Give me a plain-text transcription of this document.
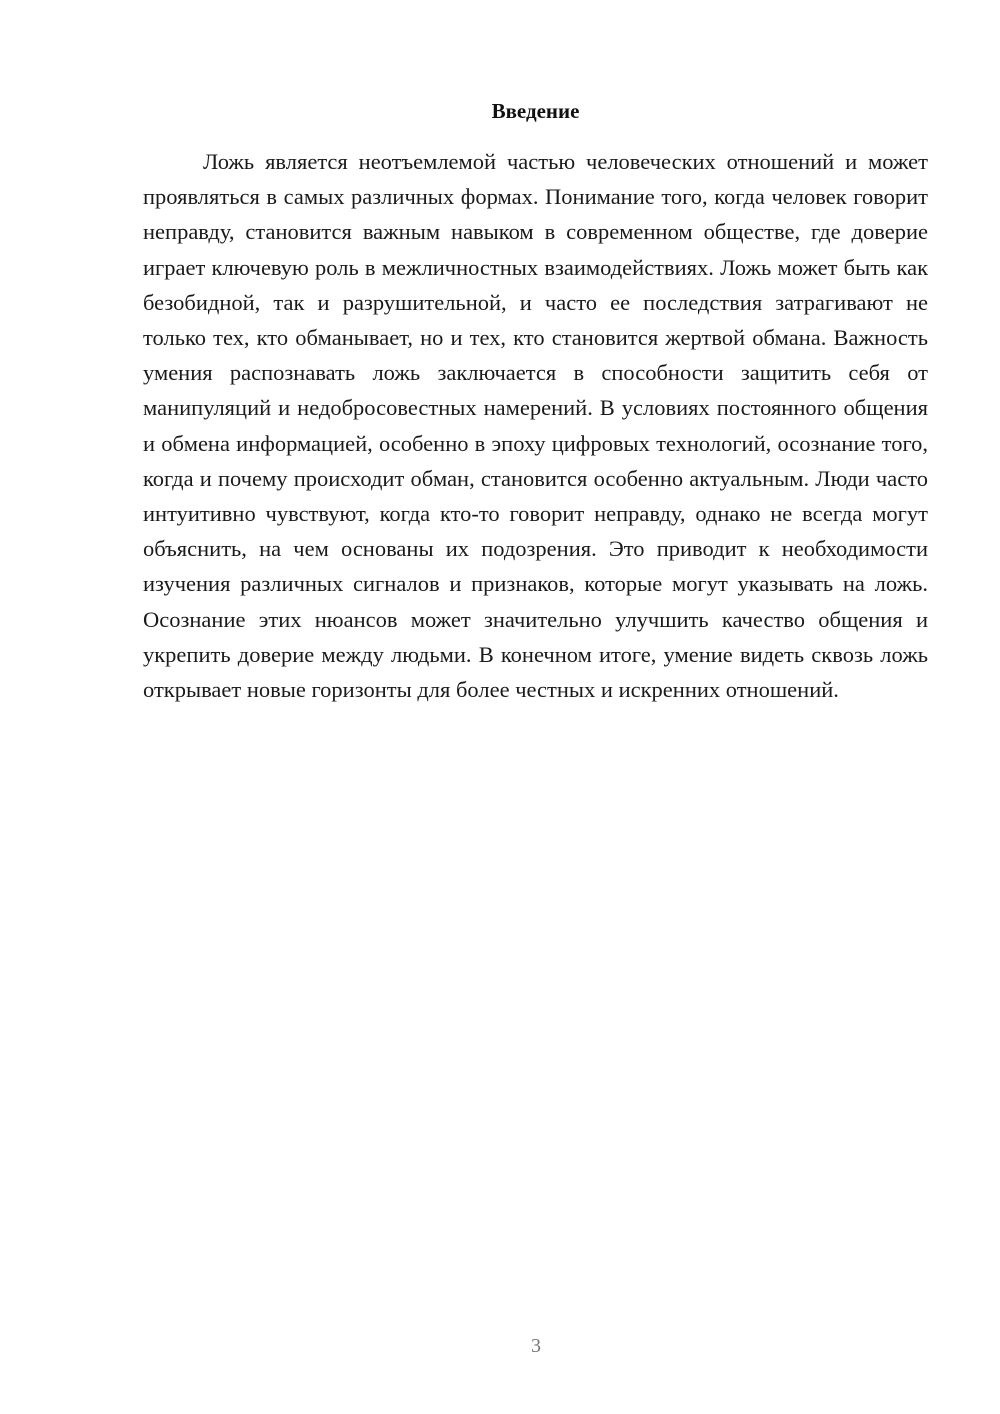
Введение

Ложь является неотъемлемой частью человеческих отношений и может проявляться в самых различных формах. Понимание того, когда человек говорит неправду, становится важным навыком в современном обществе, где доверие играет ключевую роль в межличностных взаимодействиях. Ложь может быть как безобидной, так и разрушительной, и часто ее последствия затрагивают не только тех, кто обманывает, но и тех, кто становится жертвой обмана. Важность умения распознавать ложь заключается в способности защитить себя от манипуляций и недобросовестных намерений. В условиях постоянного общения и обмена информацией, особенно в эпоху цифровых технологий, осознание того, когда и почему происходит обман, становится особенно актуальным. Люди часто интуитивно чувствуют, когда кто-то говорит неправду, однако не всегда могут объяснить, на чем основаны их подозрения. Это приводит к необходимости изучения различных сигналов и признаков, которые могут указывать на ложь. Осознание этих нюансов может значительно улучшить качество общения и укрепить доверие между людьми. В конечном итоге, умение видеть сквозь ложь открывает новые горизонты для более честных и искренних отношений.

3
